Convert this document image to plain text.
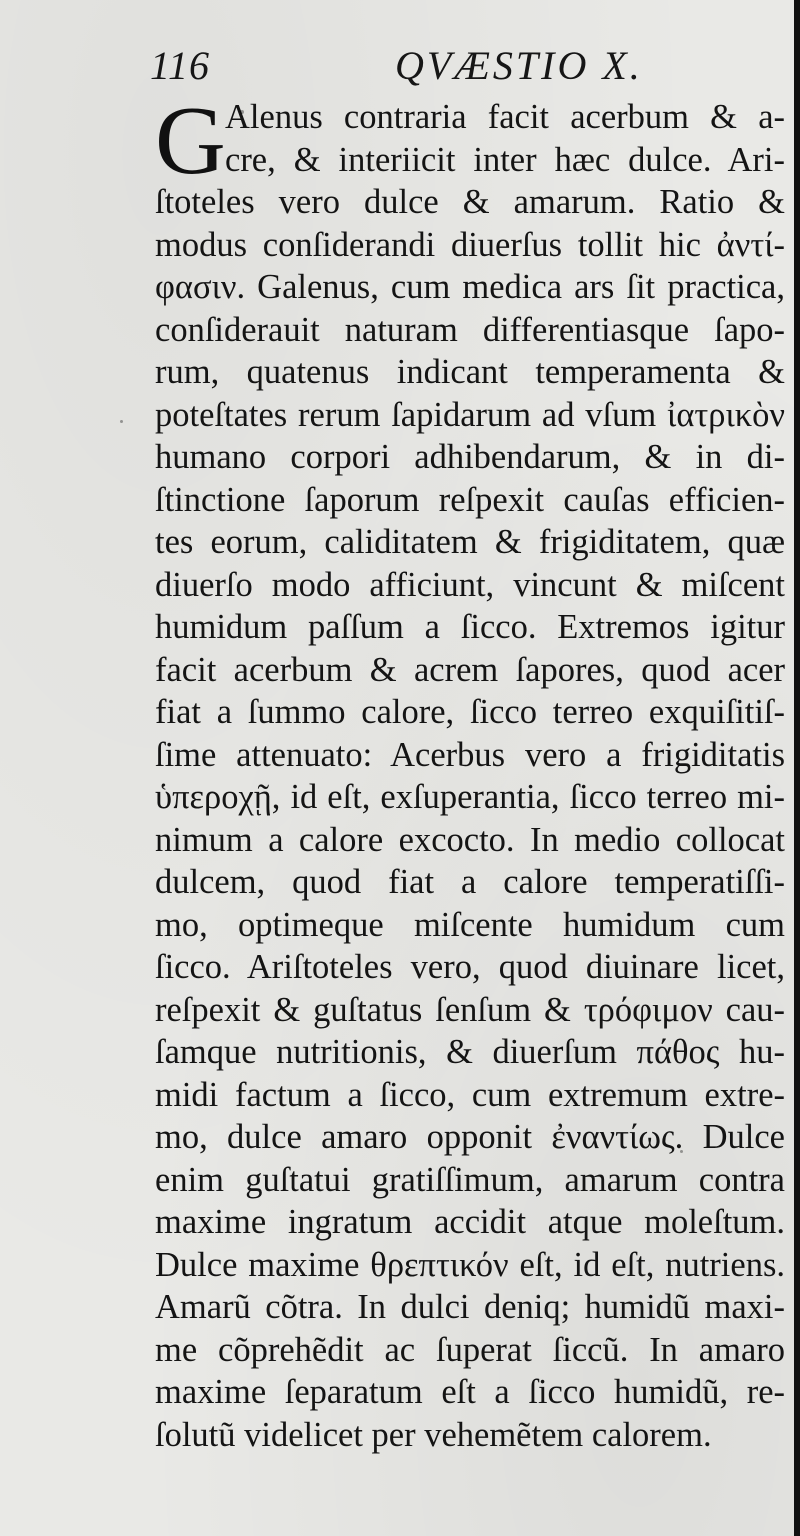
116	QVÆSTIO X.
G Alenus contraria facit acerbum & a-
cre, & interiicit inter hæc dulce. Ari-
ſtoteles vero dulce & amarum. Ratio &
modus conſiderandi diuerſus tollit hic ἀντί-
φασιν. Galenus, cum medica ars ſit practica,
conſiderauit naturam differentiasque ſapo-
rum, quatenus indicant temperamenta &
poteſtates rerum ſapidarum ad vſum ἰατρικὸν
humano corpori adhibendarum, & in di-
ſtinctione ſaporum reſpexit cauſas efficien-
tes eorum, caliditatem & frigiditatem, quæ
diuerſo modo afficiunt, vincunt & miſcent
humidum paſſum a ſicco. Extremos igitur
facit acerbum & acrem ſapores, quod acer
fiat a ſummo calore, ſicco terreo exquiſitiſ-
ſime attenuato: Acerbus vero a frigiditatis
ὑπεροχῇ, id eſt, exſuperantia, ſicco terreo mi-
nimum a calore excocto. In medio collocat
dulcem, quod fiat a calore temperatiſſi-
mo, optimeque miſcente humidum cum
ſicco. Ariſtoteles vero, quod diuinare licet,
reſpexit & guſtatus ſenſum & τρόφιμον cau-
ſamque nutritionis, & diuerſum πάθος hu-
midi factum a ſicco, cum extremum extre-
mo, dulce amaro opponit ἐναντίως. Dulce
enim guſtatui gratiſſimum, amarum contra
maxime ingratum accidit atque moleſtum.
Dulce maxime θρεπτικόν eſt, id eſt, nutriens.
Amarũ cõtra. In dulci deniq; humidũ maxi-
me cõprehẽdit ac ſuperat ſiccũ. In amaro
maxime ſeparatum eſt a ſicco humidũ, re-
ſolutũ videlicet per vehemẽtem calorem.
